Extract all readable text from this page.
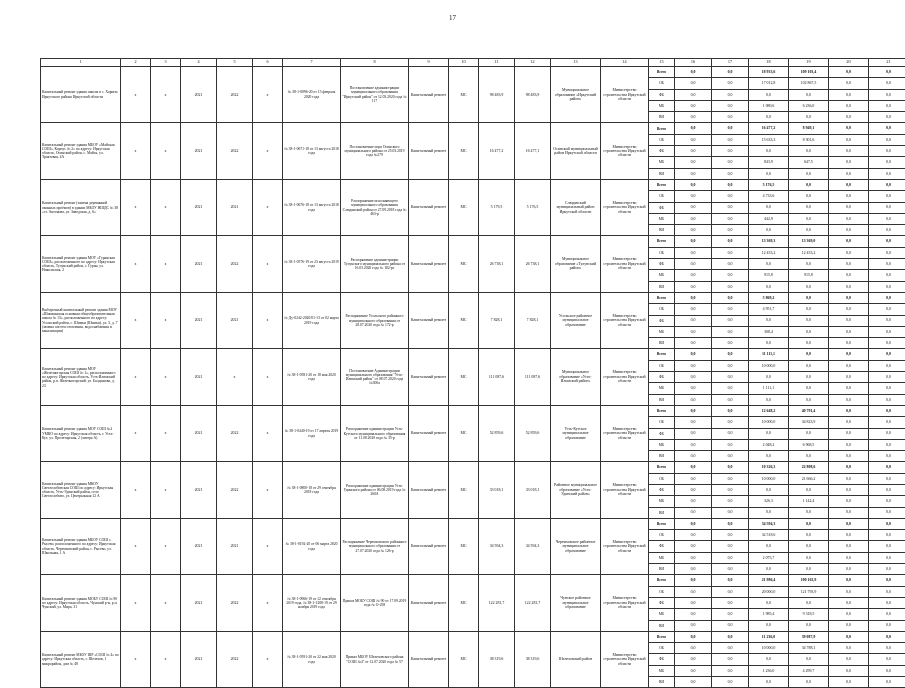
17
1	2	3	4	5	6	7	8	9	10	11	12	13	14	15	16	17	18	19	20	21
Капитальный ремонт здания школы в с. Харигы Иркутского района Иркутской области	х	х	2021	2022	х	№ 38-1-0096-20 от 15 февраля 2020 года	Постановление администрации муниципального образования "Иркутский район" от 12.03.2020 года № 117	Капитальный ремонт	МС	98 483,9	98 483,9	Муниципальное образование «Иркутский район»	Министерство строительства Иркутской области	Всего	0,0	0,0	18 933,6	109 103,4	0,0	0,0
														ОБ	0,0	0,0	17 012,8	102 867,5	0,0	0,0
														ФБ	0,0	0,0	0,0	0,0	0,0	0,0
														МБ	0,0	0,0	1 080,6	6 236,0	0,0	0,0
														ВИ	0,0	0,0	0,0	0,0	0,0	0,0
Капитальный ремонт здания МБОУ «Майская СОШ», Корпус № 2» по адресу: Иркутская область, Осинский район, с. Майск, ул. Трактовая, 4А	х	х	2021	2022	х	№ 38-1-0671-18 от 13 августа 2018 года	Постановление мэра Осинского муниципального района от 25.03.2019 года №279	Капитальный ремонт	МС	16 477,2	16 477,1	Осинский муниципальный район Иркутской области	Министерство строительства Иркутской области	Всего	0,0	0,0	16 477,2	8 949,1	0,0	0,0
														ОБ	0,0	0,0	15 633,3	8 301,6	0,0	0,0
														ФБ	0,0	0,0	0,0	0,0	0,0	0,0
														МБ	0,0	0,0	843,9	647,5	0,0	0,0
														ВИ	0,0	0,0	0,0	0,0	0,0	0,0
Капитальный ремонт (замена деревянной оконных проёмов) в здании МБОУ НШДС № 38 «ст. Антонова, ул. Заводская, д. 6»	х	х	2021	2021	х	№ 38-1-0676-18 от 13 августа 2018 года	Распоряжение исполняющего муниципального образования Слюдянский район от 27.09.2018 года № 463-р	Капитальный ремонт	МС	5 179,5	5 176,5	Слюдянский муниципальный район Иркутской области	Министерство строительства Иркутской области	Всего	0,0	0,0	5 176,5	0,0	0,0	0,0
														ОБ	0,0	0,0	4 733,6	0,0	0,0	0,0
														ФБ	0,0	0,0	0,0	0,0	0,0	0,0
														МБ	0,0	0,0	442,9	0,0	0,0	0,0
														ВИ	0,0	0,0	0,0	0,0	0,0	0,0
Капитальный ремонт здания МОУ «Гуранская СОШ», расположенного по адресу: Иркутская область, Тулунский район, с. Гуран, ул. Никольская, 2	х	х	2021	2022	х	№ 38-1-0576-19 от 23 августа 2019 года	Распоряжение администрации Тулунского муниципального района от 16.03.2020 года № 182-рг	Капитальный ремонт	МС	26 738,1	26 738,1	Муниципальное образование «Тулунский район»	Министерство строительства Иркутской области	Всего	0,0	0,0	13 369,3	13 369,0	0,0	0,0
														ОБ	0,0	0,0	12 453,2	12 453,2	0,0	0,0
														ФБ	0,0	0,0	0,0	0,0	0,0	0,0
														МБ	0,0	0,0	915,8	915,8	0,0	0,0
														ВИ	0,0	0,0	0,0	0,0	0,0	0,0
Выборочный капитальный ремонт здания МОУ «Шимкинская основная общеобразовательная школа № 13», расположенного по адресу: Усольский район, с. Шимки (Шимки), ул. 3, д. 7 (замена систем отопления, водоснабжения и канализации)	х	х	2021	2021	х	№ Ду-0242-2020/01-13 от 02 марта 2019 года	Распоряжение Усольского районного муниципального образования от 28.07.2020 года № 172-р	Капитальный ремонт	МС	7 828,1	7 828,1	Усольское районное муниципальное образование	Министерство строительства Иркутской области	Всего	0,0	0,0	5 869,2	0,0	0,0	0,0
														ОБ	0,0	0,0	4 951,7	0,0	0,0	0,0
														ФБ	0,0	0,0	0,0	0,0	0,0	0,0
														МБ	0,0	0,0	308,4	0,0	0,0	0,0
														ВИ	0,0	0,0	0,0	0,0	0,0	0,0
Капитальный ремонт здания МОУ «Железногорская СОШ № 1», расположенного по адресу: Иркутская область, Усть-Илимский район, р.п. Железногорский, ул. Балдынова, д. 23	х	х	2021	х	х	№ 38-1-0581-20 от 18 мая 2020 года	Постановление Администрации муниципального образования "Усть-Илимский район" от 08.07.2020 года №300а	Капитальный ремонт	МС	111 087,6	111 087,6	Муниципальное образование «Усть-Илимский район»	Министерство строительства Иркутской области	Всего	0,0	0,0	11 111,1	0,0	0,0	0,0
														ОБ	0,0	0,0	10 000,0	0,0	0,0	0,0
														ФБ	0,0	0,0	0,0	0,0	0,0	0,0
														МБ	0,0	0,0	1 111,1	0,0	0,0	0,0
														ВИ	0,0	0,0	0,0	0,0	0,0	0,0
Капитальный ремонт здания МОУ СОШ №2 УМКО по адресу: Иркутская область, г. Усть-Кут, ул. Пролетарская, 2 (литера А)	х	х	2021	2022	х	№ 38-1-0440-19 от 17 апреля 2019 года	Распоряжение администрации Усть-Кутского муниципального образования от 11.08.2020 года № 35-р	Капитальный ремонт	МС	52 859,6	52 859,6	Усть-Кутское муниципальное образование	Министерство строительства Иркутской области	Всего	0,0	0,0	12 648,2	40 791,4	0,0	0,0
														ОБ	0,0	0,0	10 000,0	34 823,9	0,0	0,0
														ФБ	0,0	0,0	0,0	0,0	0,0	0,0
														МБ	0,0	0,0	2 048,2	6 968,5	0,0	0,0
														ВИ	0,0	0,0	0,0	0,0	0,0	0,0
Капитальный ремонт здания МКОУ Светлолобовская СОШ по адресу: Иркутская область, Усть-Удинский район, село Светлолобово, ул. Центральная 12 А	х	х	2021	2022	х	№ 38-1-0800-18 от 29 сентября 2018 года	Распоряжение администрации Усть-Удинского района от 06.08.2019 года № 260А	Капитальный ремонт	МС	33 018,1	33 018,1	Районное муниципальное образование «Усть-Удинский район»	Министерство строительства Иркутской области	Всего	0,0	0,0	10 326,3	22 808,6	0,0	0,0
														ОБ	0,0	0,0	10 000,0	21 666,2	0,0	0,0
														ФБ	0,0	0,0	0,0	0,0	0,0	0,0
														МБ	0,0	0,0	326,3	1 142,4	0,0	0,0
														ВИ	0,0	0,0	0,0	0,0	0,0	0,0
Капитальный ремонт здания МБОУ СОШ с. Рысево, расположенного по адресу: Иркутская область, Черемховский район, с. Рысево, ул. Школьная, 1 А	х	х	2021	2021	х	№ 38-1-0192-20 от 06 марта 2020 года	Распоряжение Черемховского районного муниципального образования от 27.07.2020 года № 126-р	Капитальный ремонт	МС	34 594,3	34 594,3	Черемховское районное муниципальное образование	Министерство строительства Иркутской области	Всего	0,0	0,0	34 594,3	0,0	0,0	0,0
														ОБ	0,0	0,0	32 518,6	0,0	0,0	0,0
														ФБ	0,0	0,0	0,0	0,0	0,0	0,0
														МБ	0,0	0,0	2 075,7	0,0	0,0	0,0
														ВИ	0,0	0,0	0,0	0,0	0,0	0,0
Капитальный ремонт здания МОБУ СОШ № 90 по адресу: Иркутская область, Чунский р-н, р.п. Чунский, ул. Мира, 31	х	х	2021	2022	х	№ 38-1-0966-19 от 12 сентября 2019 года, № 38-1-1208-19 от 29 ноября 2019 года	Приказ МОБУ СОШ № 90 от 17.09.2019 года № О-258	Капитальный ремонт	МС	122 281,7	122 281,7	Чунское районное муниципальное образование	Министерство строительства Иркутской области	Всего	0,0	0,0	21 986,4	100 163,9	0,0	0,0
														ОБ	0,0	0,0	20 000,0	121 793,9	0,0	0,0
														ФБ	0,0	0,0	0,0	0,0	0,0	0,0
														МБ	0,0	0,0	1 985,4	9 318,5	0,0	0,0
														ВИ	0,0	0,0	0,0	0,0	0,0	0,0
Капитальный ремонт МБОУ ШР «СОШ № 4» по адресу: Иркутская область, г. Шелехов, 1 микрорайон, дом № 48	х	х	2021	2022	х	№ 38-1-0591-20 от 22 мая 2020 года	Приказ МБОУ Шелеховского района "СОШ №4" от 12.07.2020 года № 57	Капитальный ремонт	МС	38 319,6	38 319,6	Шелеховский район	Министерство строительства Иркутской области	Всего	0,0	0,0	11 236,0	39 087,9	0,0	0,0
														ОБ	0,0	0,0	10 000,0	34 788,1	0,0	0,0
														ФБ	0,0	0,0	0,0	0,0	0,0	0,0
														МБ	0,0	0,0	1 236,0	4 299,7	0,0	0,0
														ВИ	0,0	0,0	0,0	0,0	0,0	0,0
